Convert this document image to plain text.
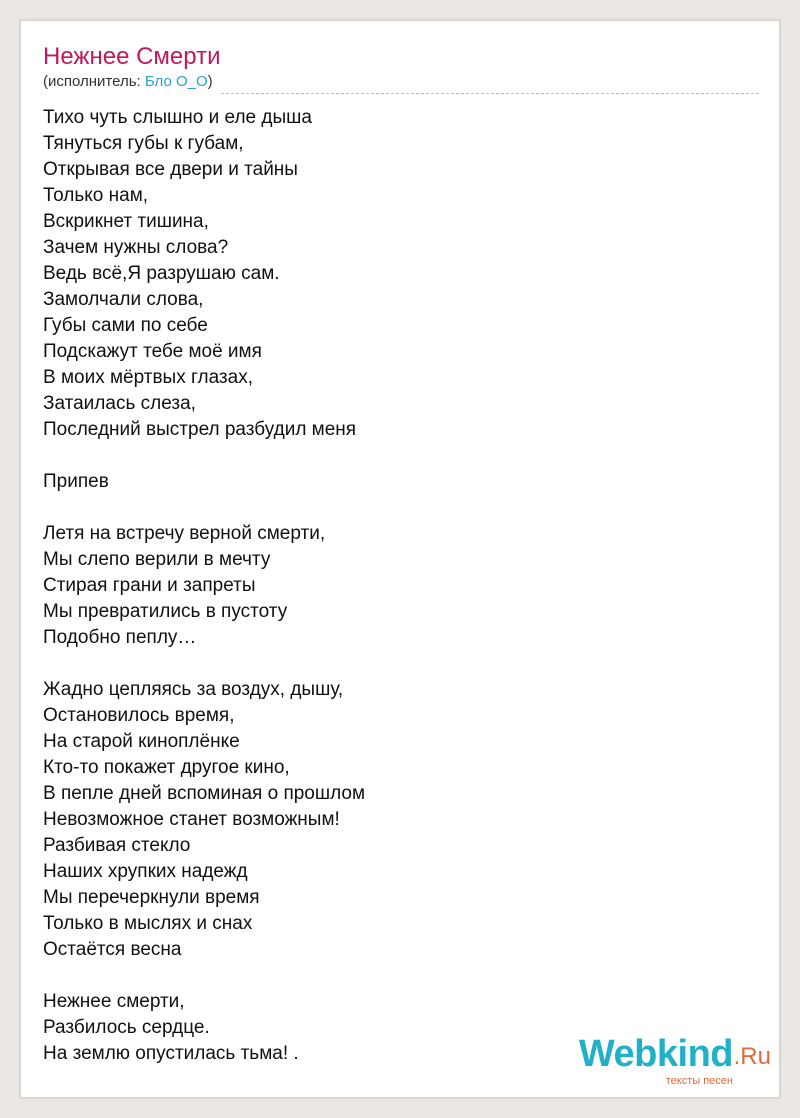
Нежнее Смерти
(исполнитель: Бло О_О)
Тихо чуть слышно и еле дыша
Тянуться губы к губам,
Открывая все двери и тайны
Только нам,
Вскрикнет тишина,
Зачем нужны слова?
Ведь всё,Я разрушаю сам.
Замолчали слова,
Губы сами по себе
Подскажут тебе моё имя
В моих мёртвых глазах,
Затаилась слеза,
Последний выстрел разбудил меня
Припев
Летя на встречу верной смерти,
Мы слепо верили в мечту
Стирая грани и запреты
Мы превратились в пустоту
Подобно пеплу…
Жадно цепляясь за воздух, дышу,
Остановилось время,
На старой киноплёнке
Кто-то покажет другое кино,
В пепле дней вспоминая о прошлом
Невозможное станет возможным!
Разбивая стекло
Наших хрупких надежд
Мы перечеркнули время
Только в мыслях и снах
Остаётся весна
Нежнее смерти,
Разбилось сердце.
На землю опустилась тьма! .	Webkind .Ru
тексты песен
